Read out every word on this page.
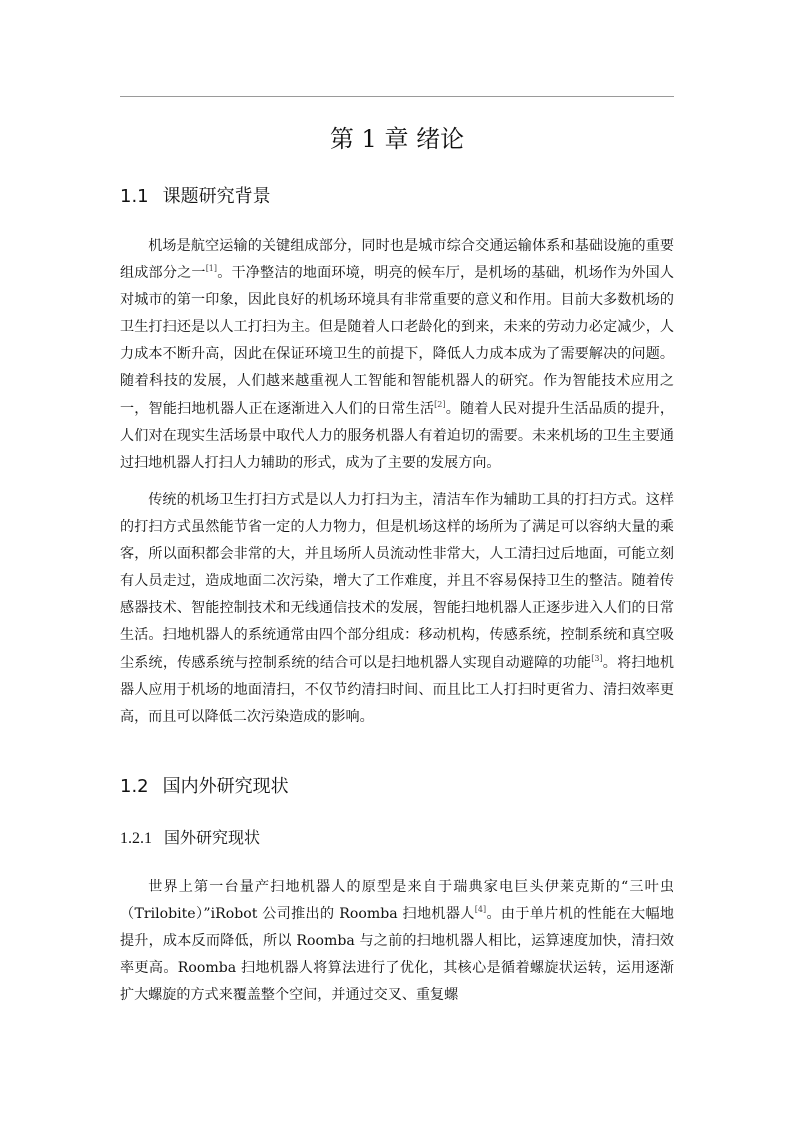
第 1 章 绪论
1.1 课题研究背景

机场是航空运输的关键组成部分，同时也是城市综合交通运输体系和基础设施的重要组成部分之一[1]。干净整洁的地面环境，明亮的候车厅，是机场的基础，机场作为外国人对城市的第一印象，因此良好的机场环境具有非常重要的意义和作用。目前大多数机场的卫生打扫还是以人工打扫为主。但是随着人口老龄化的到来，未来的劳动力必定减少，人力成本不断升高，因此在保证环境卫生的前提下，降低人力成本成为了需要解决的问题。随着科技的发展，人们越来越重视人工智能和智能机器人的研究。作为智能技术应用之一，智能扫地机器人正在逐渐进入人们的日常生活[2]。随着人民对提升生活品质的提升，人们对在现实生活场景中取代人力的服务机器人有着迫切的需要。未来机场的卫生主要通过扫地机器人打扫人力辅助的形式，成为了主要的发展方向。

传统的机场卫生打扫方式是以人力打扫为主，清洁车作为辅助工具的打扫方式。这样的打扫方式虽然能节省一定的人力物力，但是机场这样的场所为了满足可以容纳大量的乘客，所以面积都会非常的大，并且场所人员流动性非常大，人工清扫过后地面，可能立刻有人员走过，造成地面二次污染，增大了工作难度，并且不容易保持卫生的整洁。随着传感器技术、智能控制技术和无线通信技术的发展，智能扫地机器人正逐步进入人们的日常生活。扫地机器人的系统通常由四个部分组成：移动机构，传感系统，控制系统和真空吸尘系统，传感系统与控制系统的结合可以是扫地机器人实现自动避障的功能[3]。将扫地机器人应用于机场的地面清扫，不仅节约清扫时间、而且比工人打扫时更省力、清扫效率更高，而且可以降低二次污染造成的影响。

1.2 国内外研究现状
1.2.1 国外研究现状

世界上第一台量产扫地机器人的原型是来自于瑞典家电巨头伊莱克斯的“三叶虫（Trilobite）”iRobot 公司推出的 Roomba 扫地机器人[4]。由于单片机的性能在大幅地提升，成本反而降低，所以 Roomba 与之前的扫地机器人相比，运算速度加快，清扫效率更高。Roomba 扫地机器人将算法进行了优化，其核心是循着螺旋状运转，运用逐渐扩大螺旋的方式来覆盖整个空间，并通过交叉、重复螺
